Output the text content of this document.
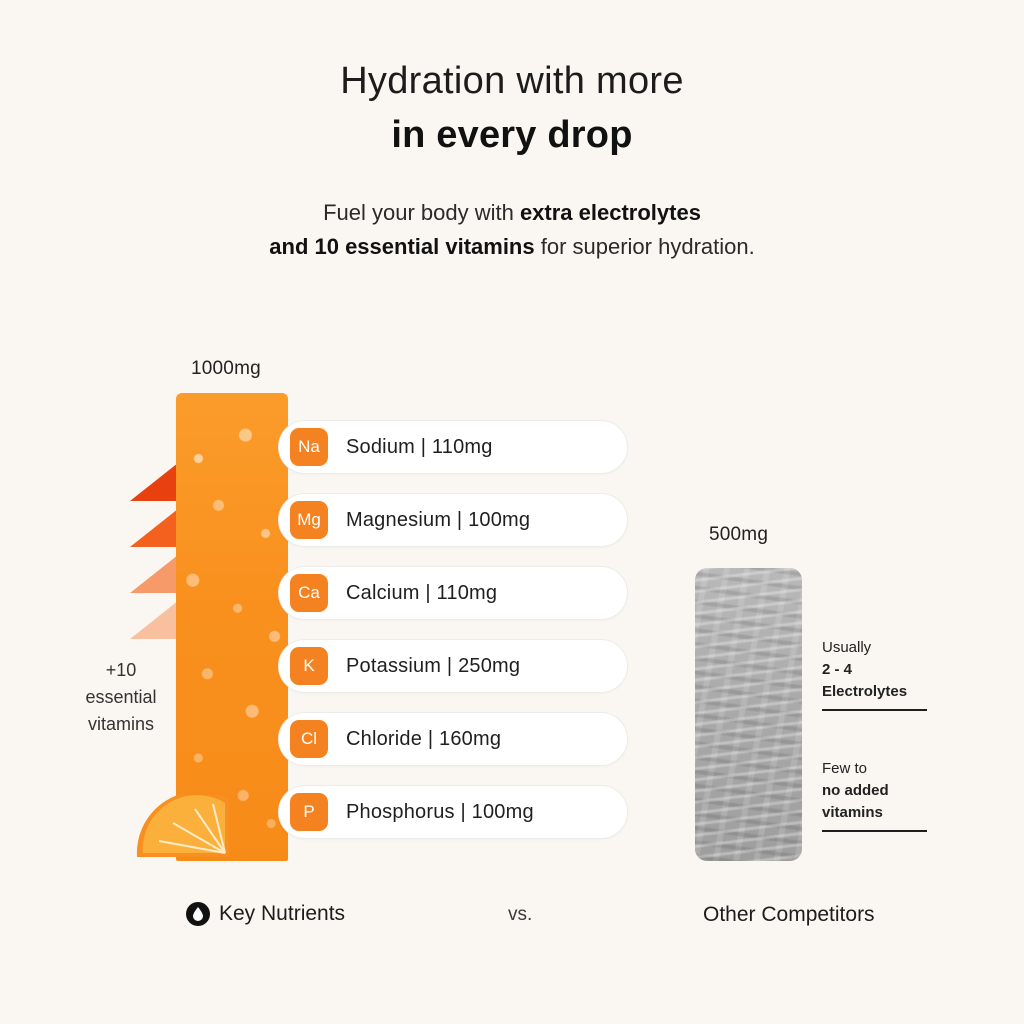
Hydration with more
in every drop
Fuel your body with extra electrolytes
and 10 essential vitamins for superior hydration.
1000mg
+10
essential
vitamins
Na	Sodium | 110mg
Mg	Magnesium | 100mg
Ca	Calcium | 110mg
K	Potassium | 250mg
Cl	Chloride | 160mg
P	Phosphorus | 100mg
500mg
Usually
2 - 4
Electrolytes
Few to
no added
vitamins
Key Nutrients	vs.	Other Competitors
